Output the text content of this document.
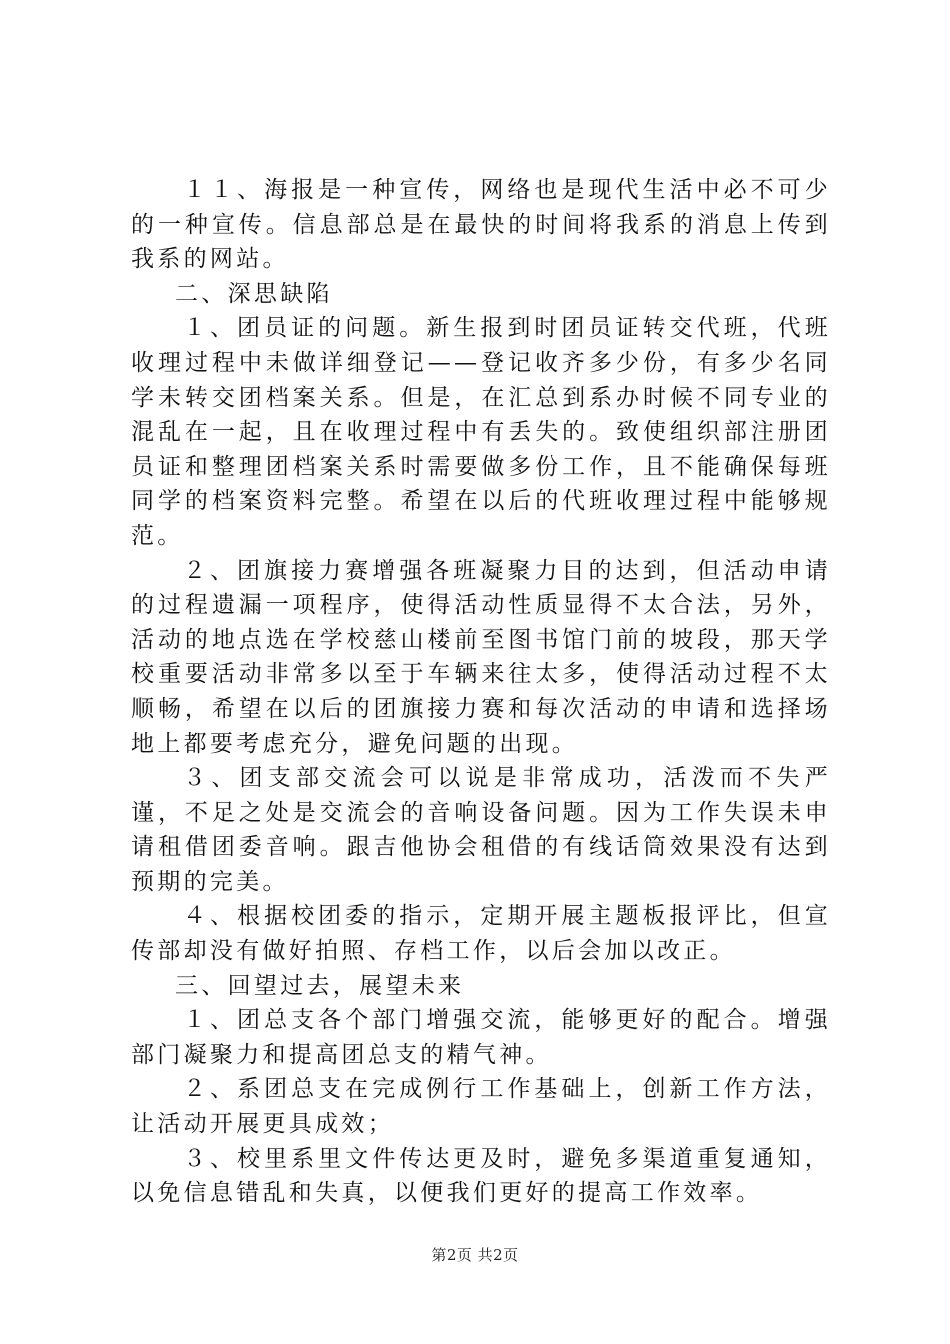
１１、海报是一种宣传，网络也是现代生活中必不可少的一种宣传。信息部总是在最快的时间将我系的消息上传到我系的网站。

二、深思缺陷

１、团员证的问题。新生报到时团员证转交代班，代班收理过程中未做详细登记——登记收齐多少份，有多少名同学未转交团档案关系。但是，在汇总到系办时候不同专业的混乱在一起，且在收理过程中有丢失的。致使组织部注册团员证和整理团档案关系时需要做多份工作，且不能确保每班同学的档案资料完整。希望在以后的代班收理过程中能够规范。

２、团旗接力赛增强各班凝聚力目的达到，但活动申请的过程遗漏一项程序，使得活动性质显得不太合法，另外，活动的地点选在学校慈山楼前至图书馆门前的坡段，那天学校重要活动非常多以至于车辆来往太多，使得活动过程不太顺畅，希望在以后的团旗接力赛和每次活动的申请和选择场地上都要考虑充分，避免问题的出现。

３、团支部交流会可以说是非常成功，活泼而不失严谨，不足之处是交流会的音响设备问题。因为工作失误未申请租借团委音响。跟吉他协会租借的有线话筒效果没有达到预期的完美。

４、根据校团委的指示，定期开展主题板报评比，但宣传部却没有做好拍照、存档工作，以后会加以改正。

三、回望过去，展望未来

１、团总支各个部门增强交流，能够更好的配合。增强部门凝聚力和提高团总支的精气神。

２、系团总支在完成例行工作基础上，创新工作方法，让活动开展更具成效；

３、校里系里文件传达更及时，避免多渠道重复通知，以免信息错乱和失真，以便我们更好的提高工作效率。

第2页 共2页
